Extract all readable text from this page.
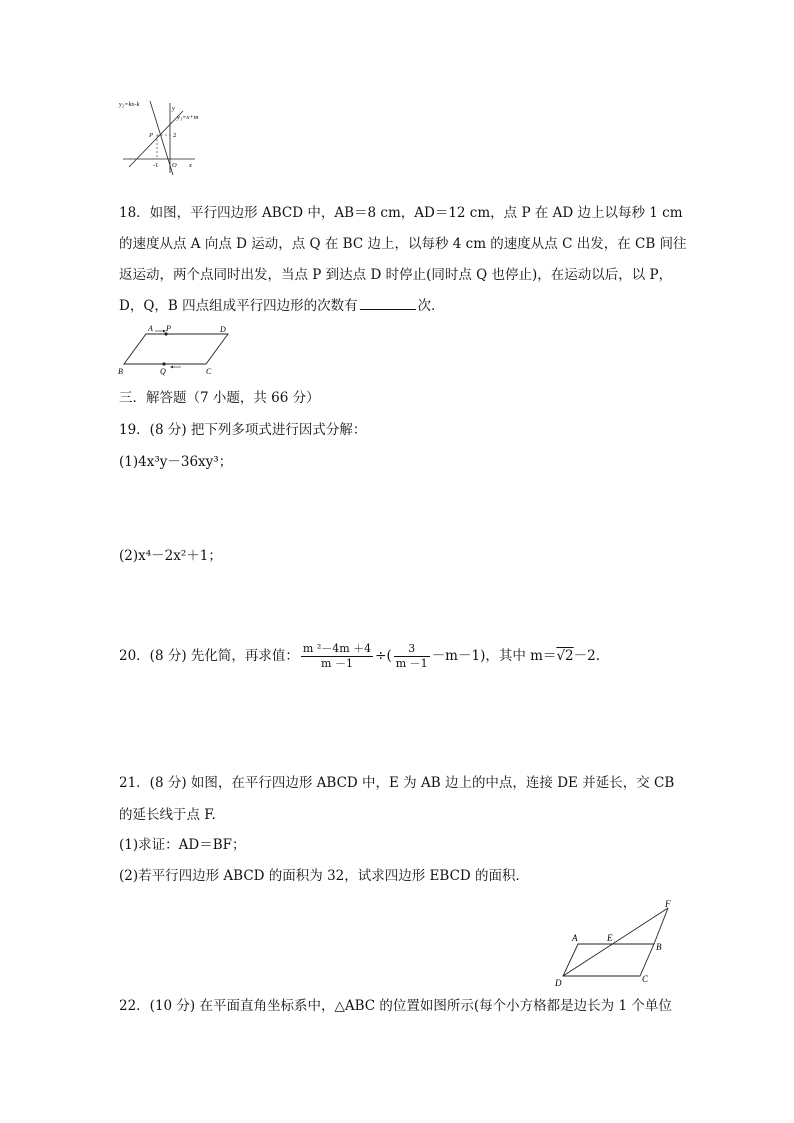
y₂=kx-k
y₁=x+m
y
P	2
-1 O x
18．如图，平行四边形 ABCD 中，AB＝8 cm，AD＝12 cm，点 P 在 AD 边上以每秒 1 cm
的速度从点 A 向点 D 运动，点 Q 在 BC 边上，以每秒 4 cm 的速度从点 C 出发，在 CB 间往
返运动，两个点同时出发，当点 P 到达点 D 时停止(同时点 Q 也停止)，在运动以后，以 P，
D，Q，B 四点组成平行四边形的次数有	次．
A P	D
B	Q	C
三．解答题（7 小题，共 66 分）
19．(8 分) 把下列多项式进行因式分解：
(1)4x³y－36xy³；
(2)x⁴－2x²＋1；
20．(8 分) 先化简，再求值： $\frac{\text{m ²－4m ＋4}}{m -1}$ ÷( $\frac{3}{m -1} -m-1$)，其中 m＝√2－2.
21．(8 分) 如图，在平行四边形 ABCD 中，E 为 AB 边上的中点，连接 DE 并延长，交 CB
的延长线于点 F.
(1)求证：AD＝BF；
(2)若平行四边形 ABCD 的面积为 32，试求四边形 EBCD 的面积．
F
A	E
B
D	C
22．(10 分) 在平面直角坐标系中，△ABC 的位置如图所示(每个小方格都是边长为 1 个单位
